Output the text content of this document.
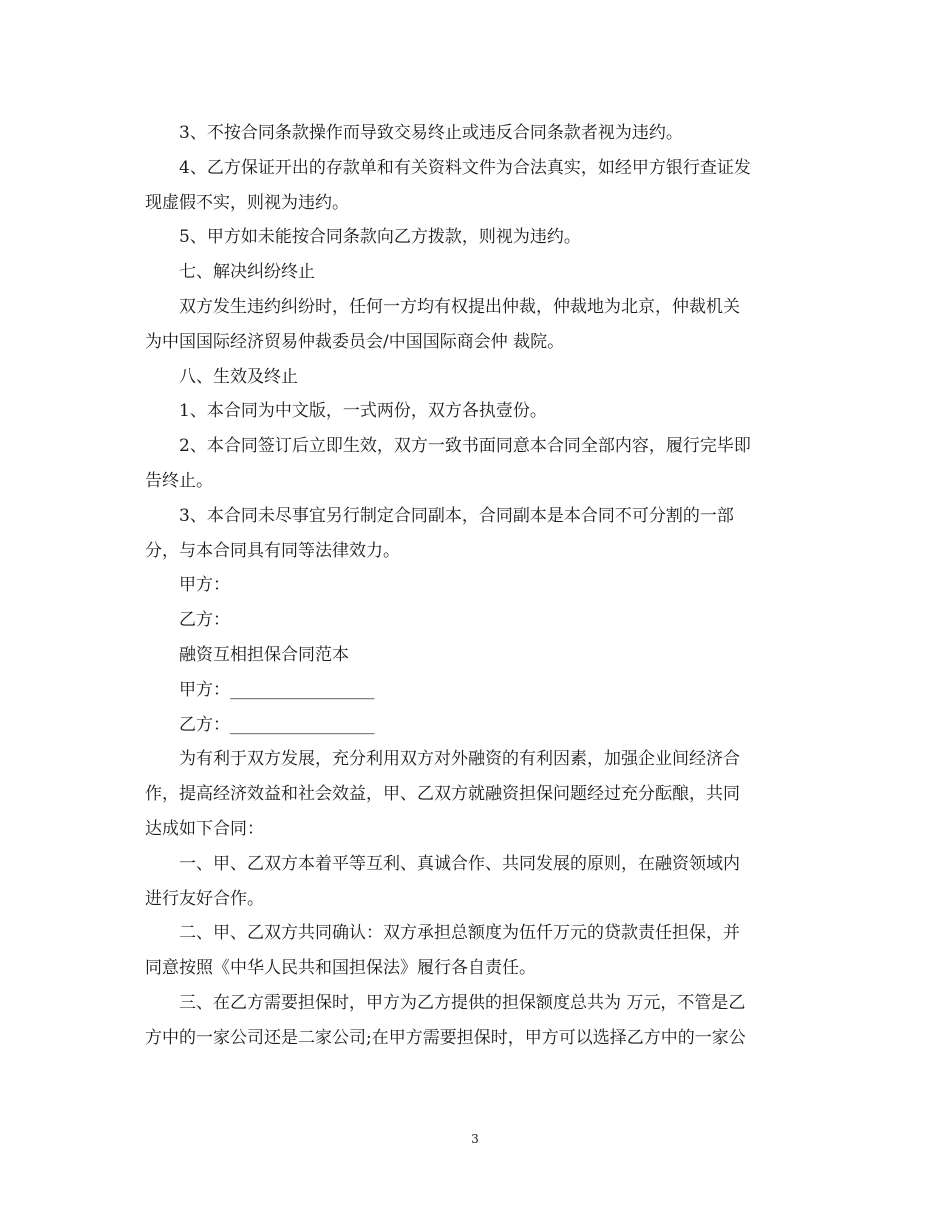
3、不按合同条款操作而导致交易终止或违反合同条款者视为违约。
4、乙方保证开出的存款单和有关资料文件为合法真实，如经甲方银行查证发
现虚假不实，则视为违约。
5、甲方如未能按合同条款向乙方拨款，则视为违约。
七、解决纠纷终止
双方发生违约纠纷时，任何一方均有权提出仲裁，仲裁地为北京，仲裁机关
为中国国际经济贸易仲裁委员会/中国国际商会仲 裁院。
八、生效及终止
1、本合同为中文版，一式两份，双方各执壹份。
2、本合同签订后立即生效，双方一致书面同意本合同全部内容，履行完毕即
告终止。
3、本合同未尽事宜另行制定合同副本，合同副本是本合同不可分割的一部
分，与本合同具有同等法律效力。
甲方：
乙方：
融资互相担保合同范本
甲方：_________________
乙方：_________________
为有利于双方发展，充分利用双方对外融资的有利因素，加强企业间经济合
作，提高经济效益和社会效益，甲、乙双方就融资担保问题经过充分酝酿，共同
达成如下合同：
一、甲、乙双方本着平等互利、真诚合作、共同发展的原则，在融资领域内
进行友好合作。
二、甲、乙双方共同确认：双方承担总额度为伍仟万元的贷款责任担保，并
同意按照《中华人民共和国担保法》履行各自责任。
三、在乙方需要担保时，甲方为乙方提供的担保额度总共为 万元，不管是乙
方中的一家公司还是二家公司;在甲方需要担保时，甲方可以选择乙方中的一家公
3
